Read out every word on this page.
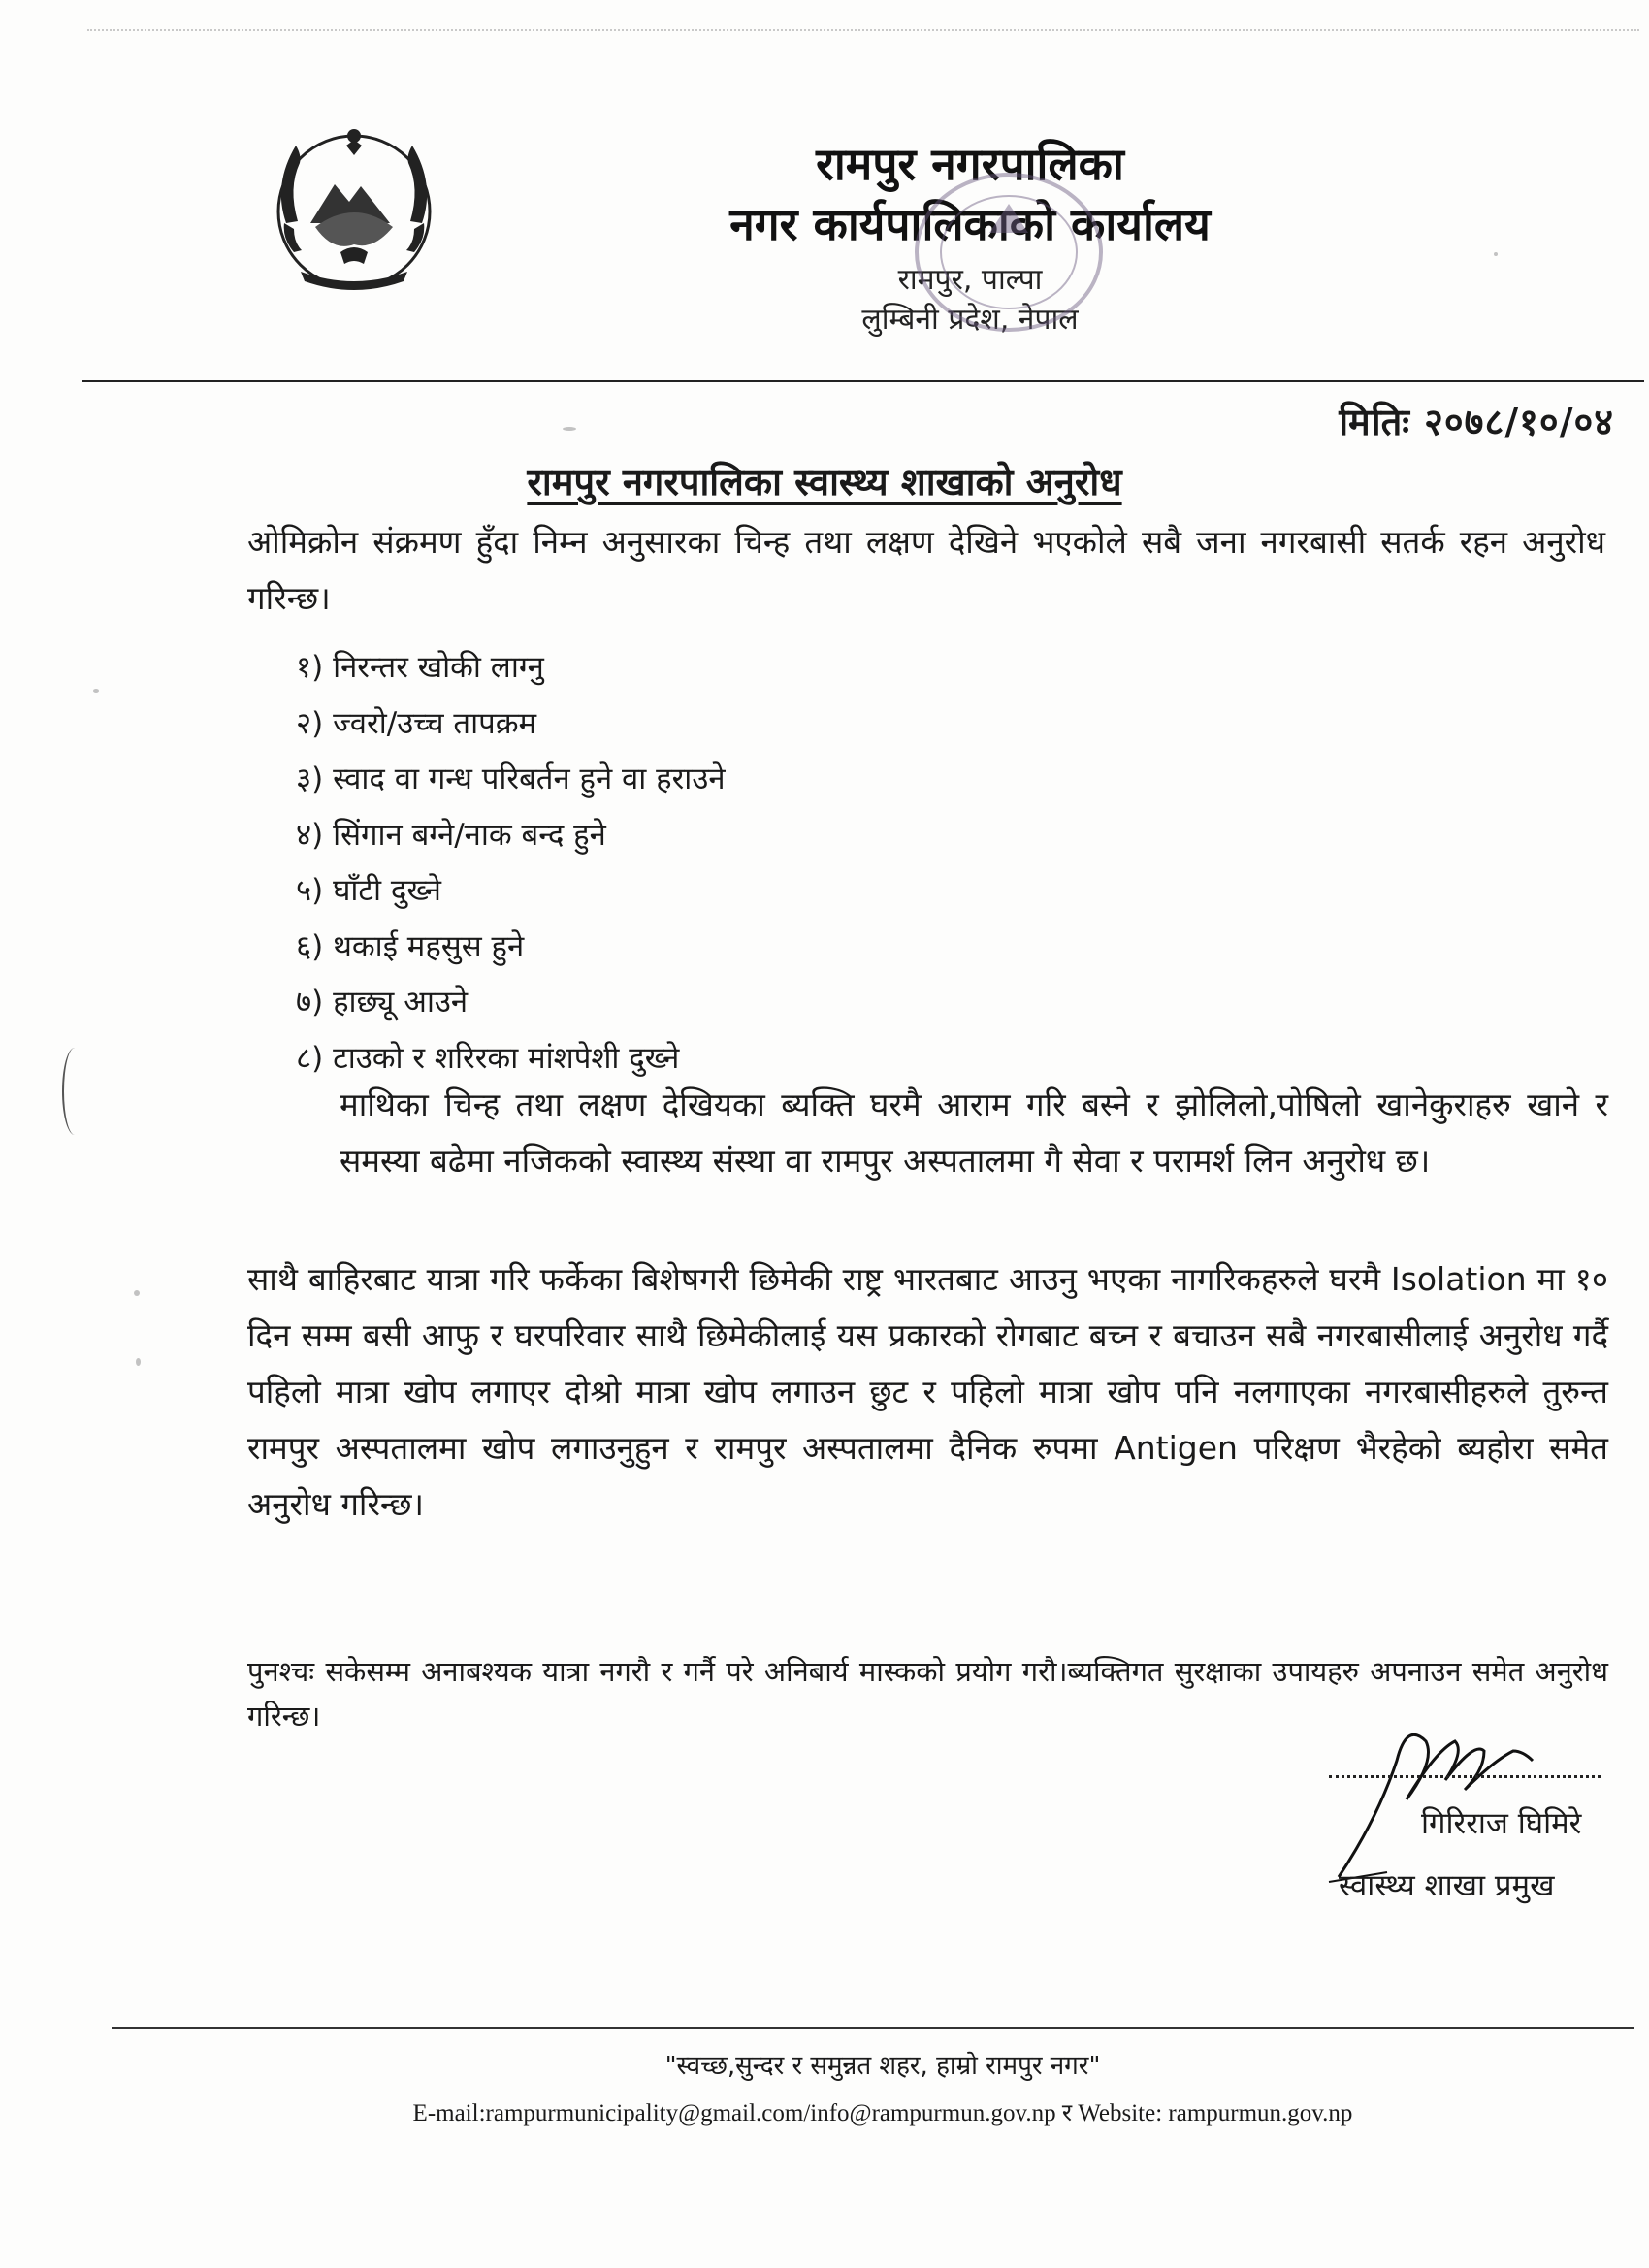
रामपुर नगरपालिका
नगर कार्यपालिकाको कार्यालय
रामपुर, पाल्पा
लुम्बिनी प्रदेश, नेपाल
मितिः २०७८/१०/०४
रामपुर नगरपालिका स्वास्थ्य शाखाको अनुरोध
ओमिक्रोन संक्रमण हुँदा निम्न अनुसारका चिन्ह तथा लक्षण देखिने भएकोले सबै जना नगरबासी सतर्क रहन अनुरोध गरिन्छ।
१) निरन्तर खोकी लाग्नु
२) ज्वरो/उच्च तापक्रम
३) स्वाद वा गन्ध परिबर्तन हुने वा हराउने
४) सिंगान बग्ने/नाक बन्द हुने
५) घाँटी दुख्ने
६) थकाई महसुस हुने
७) हाछ्यू आउने
८) टाउको र शरिरका मांशपेशी दुख्ने
माथिका चिन्ह तथा लक्षण देखियका ब्यक्ति घरमै आराम गरि बस्ने र झोलिलो,पोषिलो खानेकुराहरु खाने र समस्या बढेमा नजिकको स्वास्थ्य संस्था वा रामपुर अस्पतालमा गै सेवा र परामर्श लिन अनुरोध छ।
साथै बाहिरबाट यात्रा गरि फर्केका बिशेषगरी छिमेकी राष्ट्र भारतबाट आउनु भएका नागरिकहरुले घरमै Isolation मा १० दिन सम्म बसी आफु र घरपरिवार साथै छिमेकीलाई यस प्रकारको रोगबाट बच्न र बचाउन सबै नगरबासीलाई अनुरोध गर्दै पहिलो मात्रा खोप लगाएर दोश्रो मात्रा खोप लगाउन छुट र पहिलो मात्रा खोप पनि नलगाएका नगरबासीहरुले तुरुन्त रामपुर अस्पतालमा खोप लगाउनुहुन र रामपुर अस्पतालमा दैनिक रुपमा Antigen परिक्षण भैरहेको ब्यहोरा समेत अनुरोध गरिन्छ।
पुनश्चः सकेसम्म अनाबश्यक यात्रा नगरौ र गर्नै परे अनिबार्य मास्कको प्रयोग गरौ।ब्यक्तिगत सुरक्षाका उपायहरु अपनाउन समेत अनुरोध गरिन्छ।
गिरिराज घिमिरे
स्वास्थ्य शाखा प्रमुख
"स्वच्छ,सुन्दर र समुन्नत शहर, हाम्रो रामपुर नगर"
E-mail:rampurmunicipality@gmail.com/info@rampurmun.gov.np र Website: rampurmun.gov.np
